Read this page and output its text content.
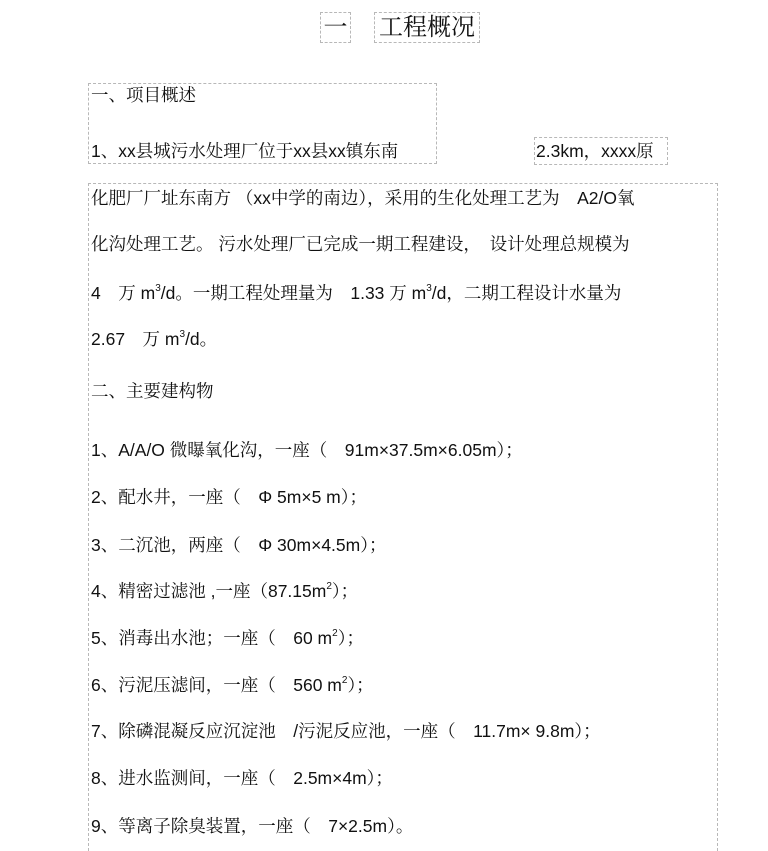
一 工程概况
一、项目概述
1、xx县城污水处理厂位于xx县xx镇东南	2.3km，xxxx原
化肥厂厂址东南方 （xx中学的南边），采用的生化处理工艺为　A2/O氧
化沟处理工艺。 污水处理厂已完成一期工程建设，　设计处理总规模为
4　万 $m^3/d$。一期工程处理量为　1.33 万 $m^3/d$，二期工程设计水量为
2.67　万 $m^3/d$。
二、主要建构物
1、A/A/O 微曝氧化沟，一座（　91m×37.5m×6.05m）；
2、配水井，一座（　Φ 5m×5 m）；
3、二沉池，两座（　Φ 30m×4.5m）；
4、精密过滤池 ,一座$(87.15m^2)$；
5、消毒出水池；一座（　60 $m^2$）；
6、污泥压滤间，一座（　560 $m^2$）；
7、除磷混凝反应沉淀池　/污泥反应池，一座（　11.7m× 9.8m）；
8、进水监测间，一座（　2.5m×4m）；
9、等离子除臭装置，一座（　7×2.5m）。
